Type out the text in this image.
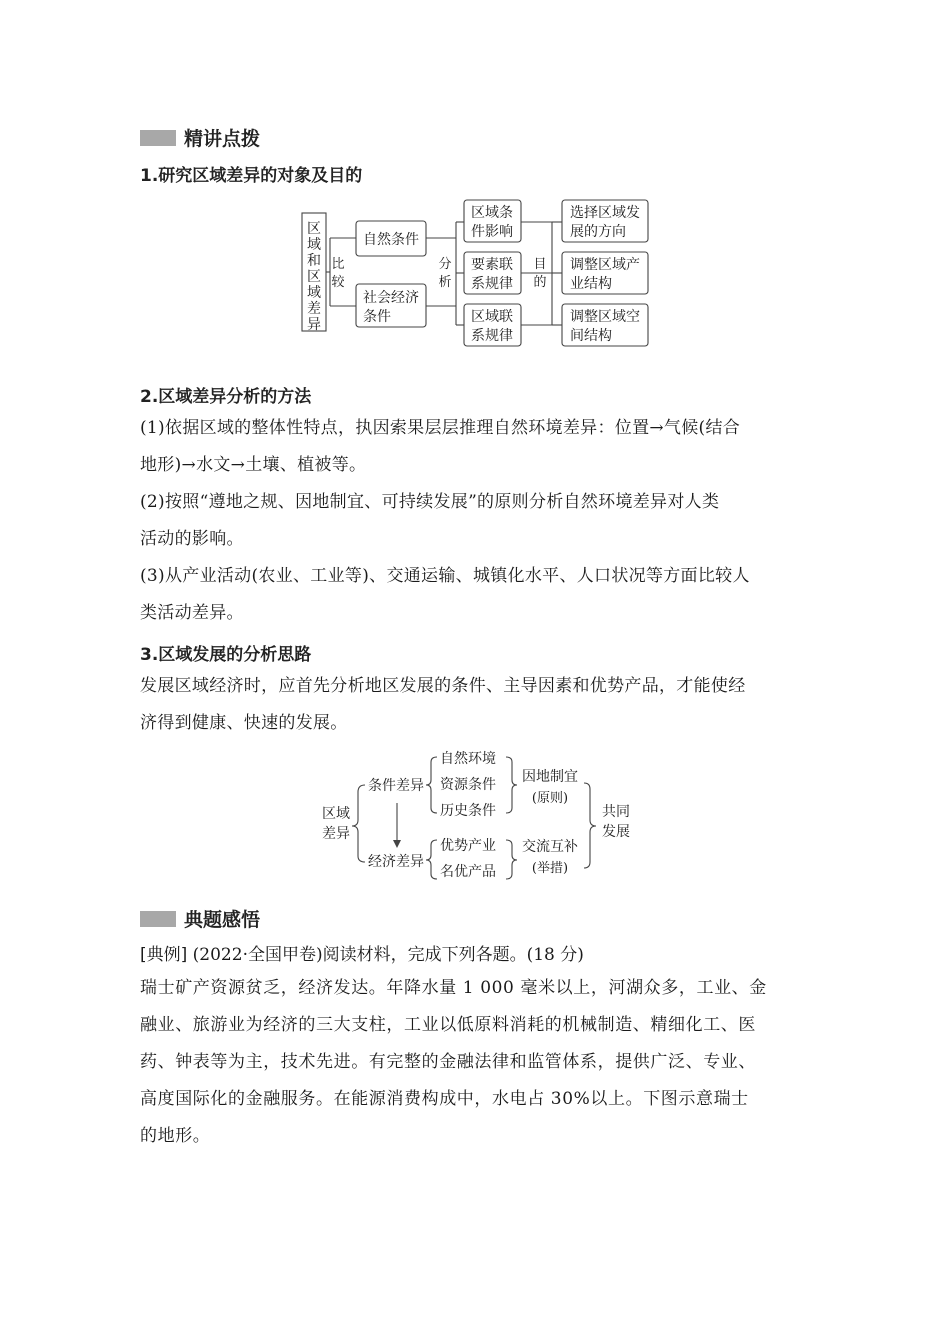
精讲点拨
1.研究区域差异的对象及目的
区
域
和
区
域
差
异
比
较
自然条件
社会经济
条件
分
析
区域条
件影响
要素联
系规律
区域联
系规律
目
的
选择区域发
展的方向
调整区域产
业结构
调整区域空
间结构
2.区域差异分析的方法
(1)依据区域的整体性特点，执因索果层层推理自然环境差异：位置→气候(结合
地形)→水文→土壤、植被等。
(2)按照“遵地之规、因地制宜、可持续发展”的原则分析自然环境差异对人类
活动的影响。
(3)从产业活动(农业、工业等)、交通运输、城镇化水平、人口状况等方面比较人
类活动差异。
3.区域发展的分析思路
发展区域经济时，应首先分析地区发展的条件、主导因素和优势产品，才能使经
济得到健康、快速的发展。
区域
差异
条件差异
经济差异
自然环境
资源条件
历史条件
优势产业
名优产品
因地制宜
(原则)
交流互补
(举措)
共同
发展
典题感悟
[典例] (2022·全国甲卷)阅读材料，完成下列各题。(18 分)
瑞士矿产资源贫乏，经济发达。年降水量 1 000 毫米以上，河湖众多，工业、金
融业、旅游业为经济的三大支柱，工业以低原料消耗的机械制造、精细化工、医
药、钟表等为主，技术先进。有完整的金融法律和监管体系，提供广泛、专业、
高度国际化的金融服务。在能源消费构成中，水电占 30%以上。下图示意瑞士
的地形。
